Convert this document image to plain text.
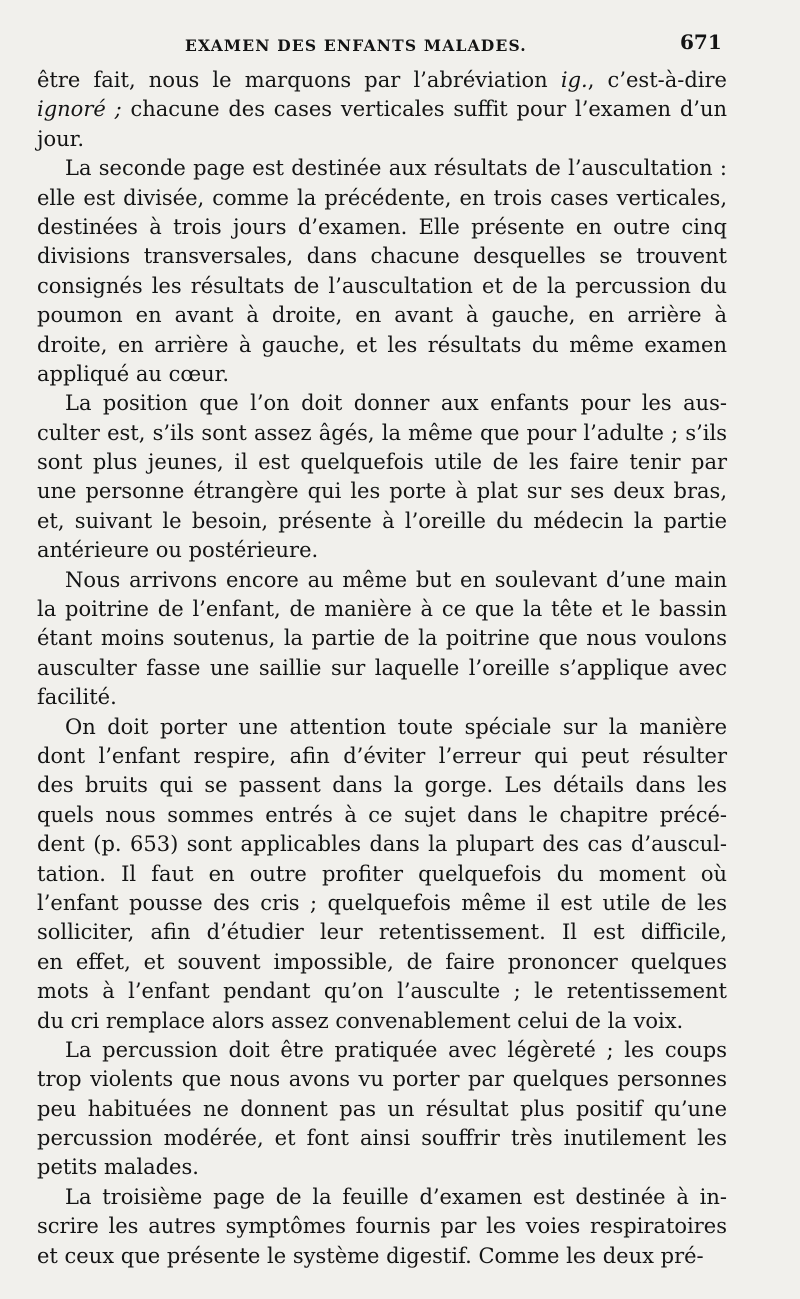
EXAMEN DES ENFANTS MALADES.	671
être fait, nous le marquons par l’abréviation ig., c’est-à-dire
ignoré ; chacune des cases verticales suffit pour l’examen d’un
jour.
La seconde page est destinée aux résultats de l’auscultation :
elle est divisée, comme la précédente, en trois cases verticales,
destinées à trois jours d’examen. Elle présente en outre cinq
divisions transversales, dans chacune desquelles se trouvent
consignés les résultats de l’auscultation et de la percussion du
poumon en avant à droite, en avant à gauche, en arrière à
droite, en arrière à gauche, et les résultats du même examen
appliqué au cœur.
La position que l’on doit donner aux enfants pour les aus-
culter est, s’ils sont assez âgés, la même que pour l’adulte ; s’ils
sont plus jeunes, il est quelquefois utile de les faire tenir par
une personne étrangère qui les porte à plat sur ses deux bras,
et, suivant le besoin, présente à l’oreille du médecin la partie
antérieure ou postérieure.
Nous arrivons encore au même but en soulevant d’une main
la poitrine de l’enfant, de manière à ce que la tête et le bassin
étant moins soutenus, la partie de la poitrine que nous voulons
ausculter fasse une saillie sur laquelle l’oreille s’applique avec
facilité.
On doit porter une attention toute spéciale sur la manière
dont l’enfant respire, afin d’éviter l’erreur qui peut résulter
des bruits qui se passent dans la gorge. Les détails dans les
quels nous sommes entrés à ce sujet dans le chapitre précé-
dent (p. 653) sont applicables dans la plupart des cas d’auscul-
tation. Il faut en outre profiter quelquefois du moment où
l’enfant pousse des cris ; quelquefois même il est utile de les
solliciter, afin d’étudier leur retentissement. Il est difficile,
en effet, et souvent impossible, de faire prononcer quelques
mots à l’enfant pendant qu’on l’ausculte ; le retentissement
du cri remplace alors assez convenablement celui de la voix.
La percussion doit être pratiquée avec légèreté ; les coups
trop violents que nous avons vu porter par quelques personnes
peu habituées ne donnent pas un résultat plus positif qu’une
percussion modérée, et font ainsi souffrir très inutilement les
petits malades.
La troisième page de la feuille d’examen est destinée à in-
scrire les autres symptômes fournis par les voies respiratoires
et ceux que présente le système digestif. Comme les deux pré-
